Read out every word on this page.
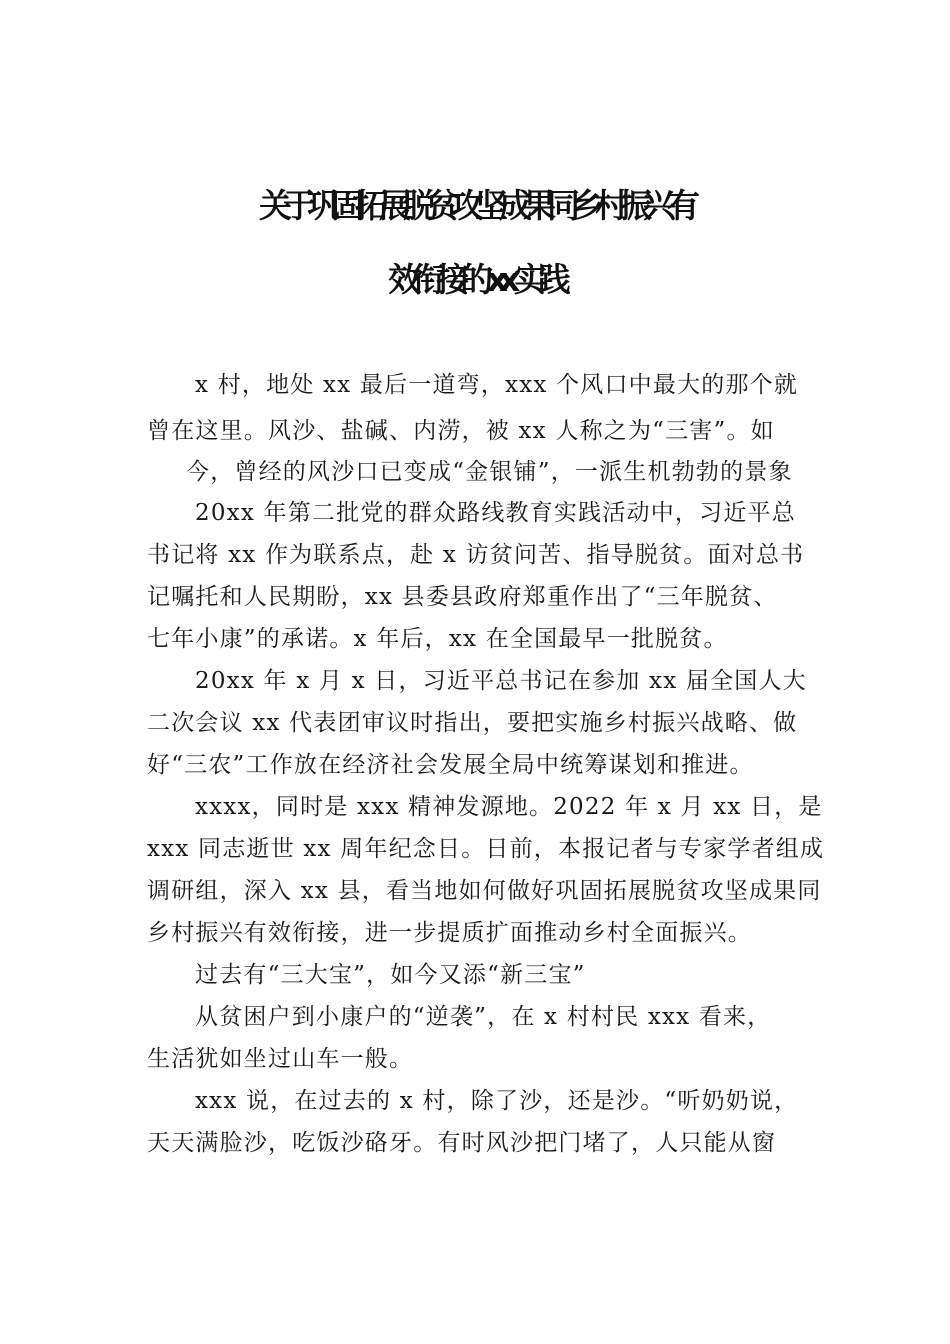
关于巩固拓展脱贫攻坚成果同乡村振兴有
效衔接的 xx 实践
x 村，地处 xx 最后一道弯，xxx 个风口中最大的那个就
曾在这里。风沙、盐碱、内涝，被 xx 人称之为“三害”。如
今，曾经的风沙口已变成“金银铺”，一派生机勃勃的景象
20xx 年第二批党的群众路线教育实践活动中，习近平总
书记将 xx 作为联系点，赴 x 访贫问苦、指导脱贫。面对总书
记嘱托和人民期盼，xx 县委县政府郑重作出了“三年脱贫、
七年小康”的承诺。x 年后，xx 在全国最早一批脱贫。
20xx 年 x 月 x 日，习近平总书记在参加 xx 届全国人大
二次会议 xx 代表团审议时指出，要把实施乡村振兴战略、做
好“三农”工作放在经济社会发展全局中统筹谋划和推进。
xxxx，同时是 xxx 精神发源地。2022 年 x 月 xx 日，是
xxx 同志逝世 xx 周年纪念日。日前，本报记者与专家学者组成
调研组，深入 xx 县，看当地如何做好巩固拓展脱贫攻坚成果同
乡村振兴有效衔接，进一步提质扩面推动乡村全面振兴。
过去有“三大宝”，如今又添“新三宝”
从贫困户到小康户的“逆袭”，在 x 村村民 xxx 看来，
生活犹如坐过山车一般。
xxx 说，在过去的 x 村，除了沙，还是沙。“听奶奶说，
天天满脸沙，吃饭沙硌牙。有时风沙把门堵了，人只能从窗
